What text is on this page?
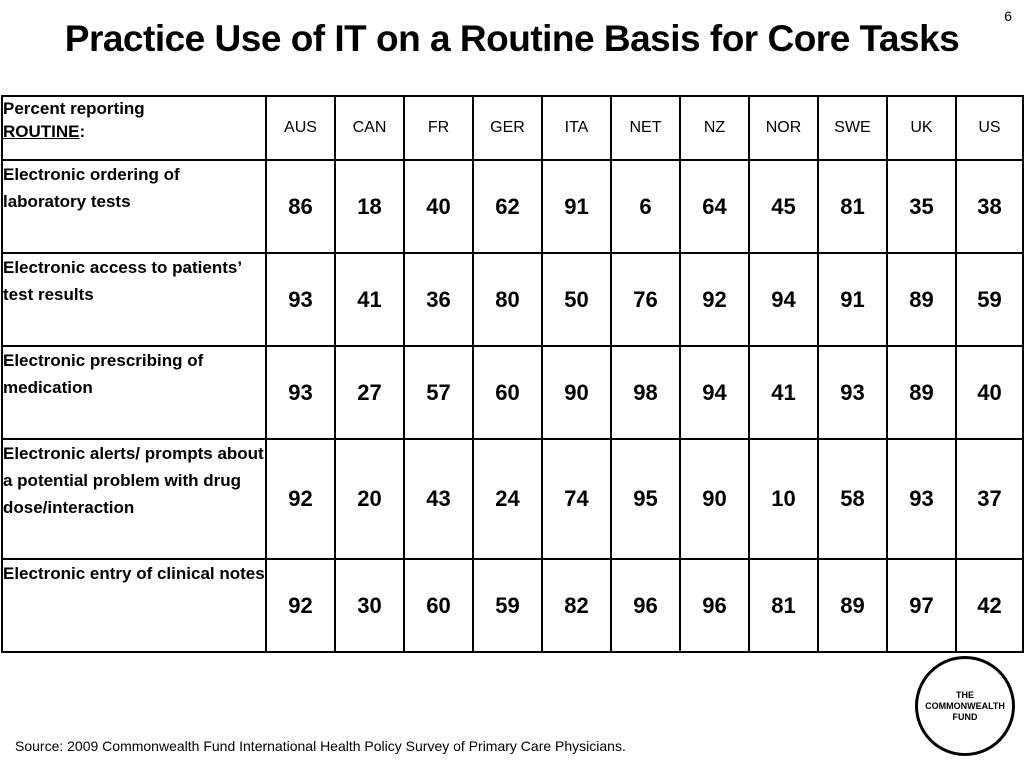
6
Practice Use of IT on a Routine Basis for Core Tasks
Percent reporting
ROUTINE:	AUS	CAN	FR	GER	ITA	NET	NZ	NOR	SWE	UK	US
Electronic ordering of laboratory tests	86	18	40	62	91	6	64	45	81	35	38
Electronic access to patients’ test results	93	41	36	80	50	76	92	94	91	89	59
Electronic prescribing of medication	93	27	57	60	90	98	94	41	93	89	40
Electronic alerts/ prompts about a potential problem with drug dose/interaction	92	20	43	24	74	95	90	10	58	93	37
Electronic entry of clinical notes	92	30	60	59	82	96	96	81	89	97	42
Source: 2009 Commonwealth Fund International Health Policy Survey of Primary Care Physicians.
THE
COMMONWEALTH
FUND
